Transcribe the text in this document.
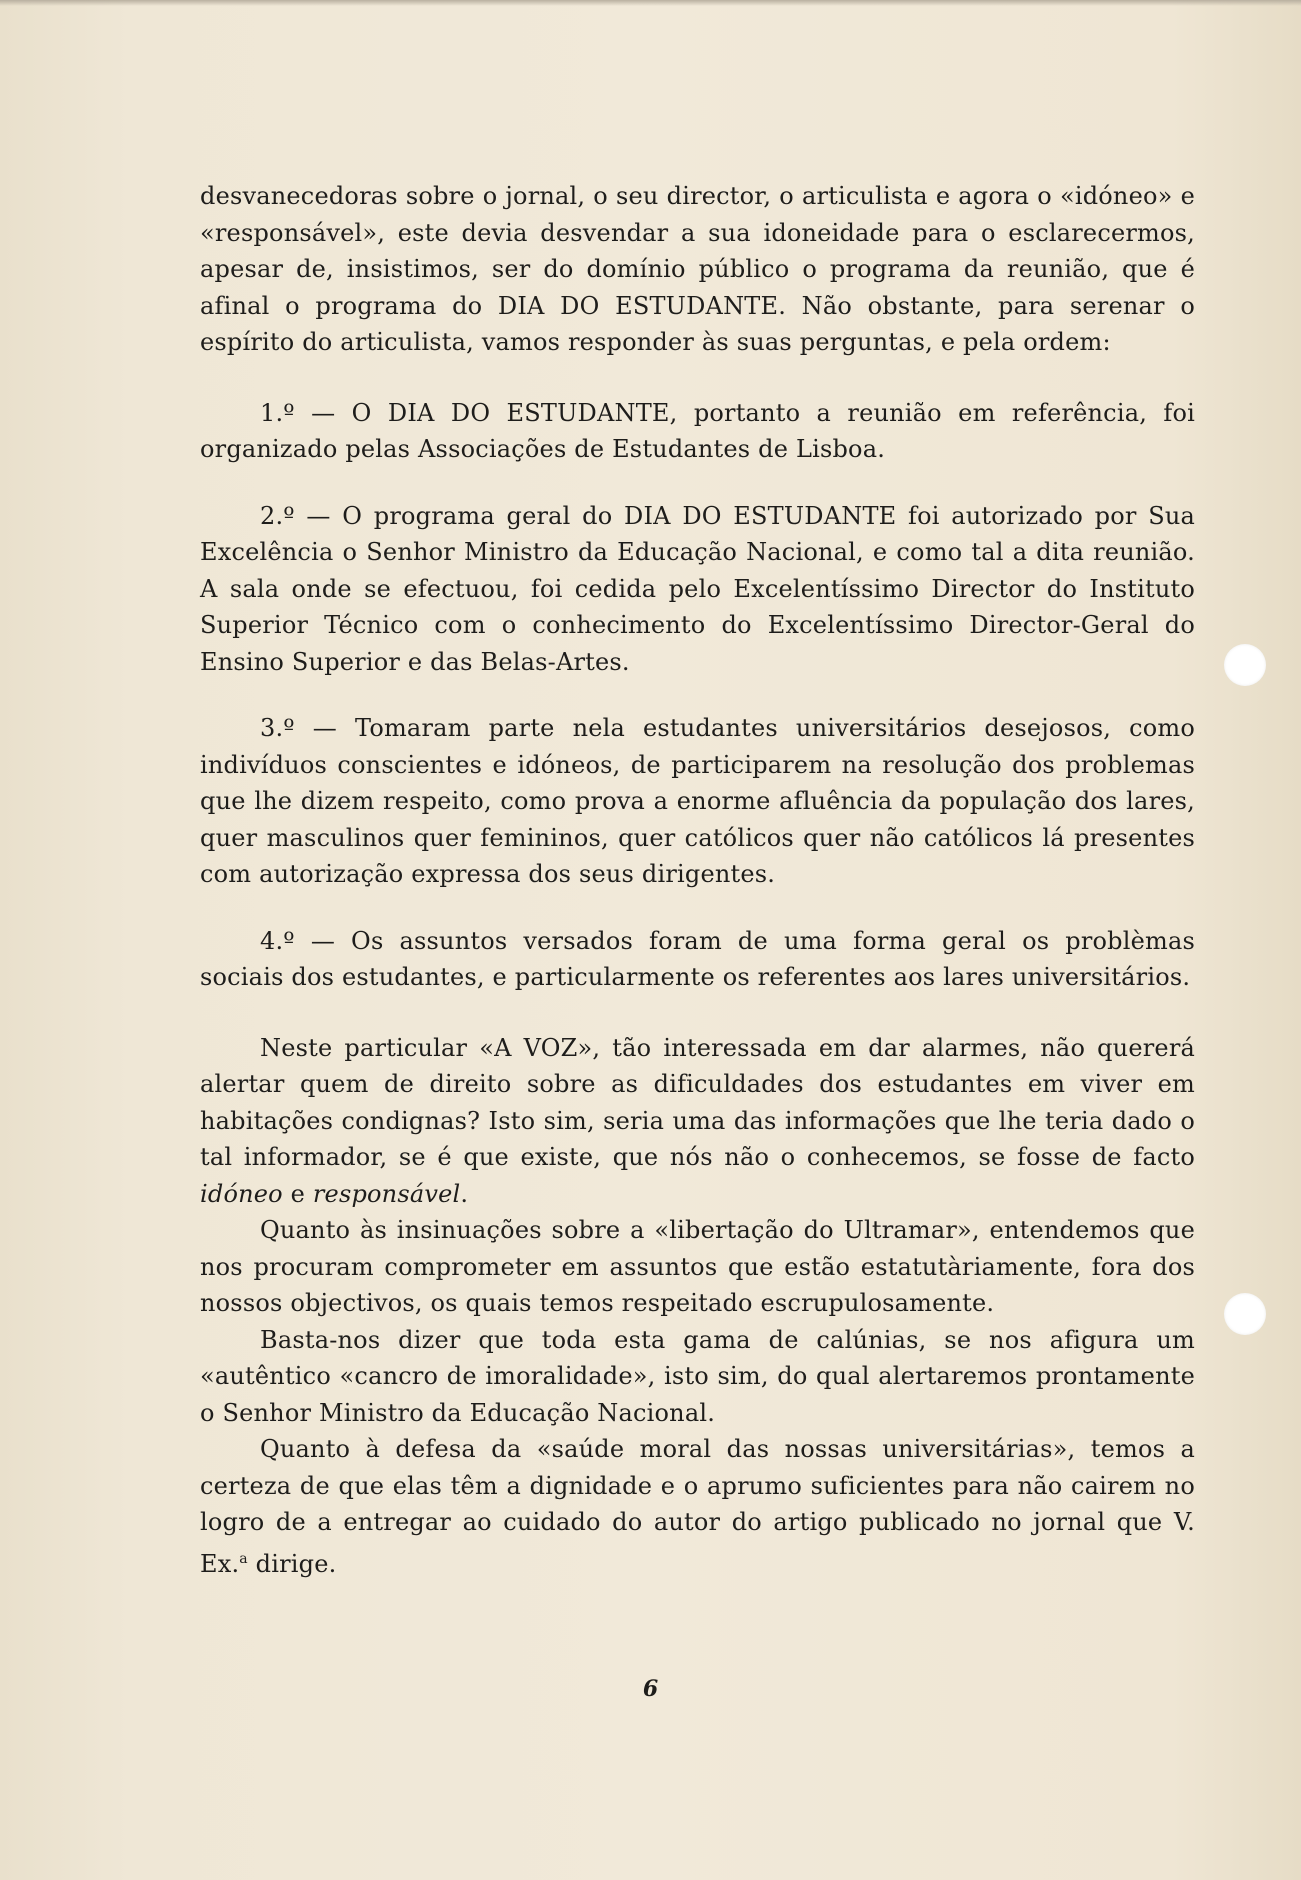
desvanecedoras sobre o jornal, o seu director, o articulista e agora o «idóneo» e «responsável», este devia desvendar a sua idoneidade para o esclarecermos, apesar de, insistimos, ser do domínio público o programa da reunião, que é afinal o programa do DIA DO ESTUDANTE. Não obstante, para serenar o espírito do articulista, vamos responder às suas perguntas, e pela ordem:

1.º — O DIA DO ESTUDANTE, portanto a reunião em referência, foi organizado pelas Associações de Estudantes de Lisboa.

2.º — O programa geral do DIA DO ESTUDANTE foi autorizado por Sua Excelência o Senhor Ministro da Educação Nacional, e como tal a dita reunião. A sala onde se efectuou, foi cedida pelo Excelentíssimo Director do Instituto Superior Técnico com o conhecimento do Excelentíssimo Director-Geral do Ensino Superior e das Belas-Artes.

3.º — Tomaram parte nela estudantes universitários desejosos, como indivíduos conscientes e idóneos, de participarem na resolução dos problemas que lhe dizem respeito, como prova a enorme afluência da população dos lares, quer masculinos quer femininos, quer católicos quer não católicos lá presentes com autorização expressa dos seus dirigentes.

4.º — Os assuntos versados foram de uma forma geral os problèmas sociais dos estudantes, e particularmente os referentes aos lares universitários.

Neste particular «A VOZ», tão interessada em dar alarmes, não quererá alertar quem de direito sobre as dificuldades dos estudantes em viver em habitações condignas? Isto sim, seria uma das informações que lhe teria dado o tal informador, se é que existe, que nós não o conhecemos, se fosse de facto idóneo e responsável.

Quanto às insinuações sobre a «libertação do Ultramar», entendemos que nos procuram comprometer em assuntos que estão estatutàriamente, fora dos nossos objectivos, os quais temos respeitado escrupulosamente.

Basta-nos dizer que toda esta gama de calúnias, se nos afigura um «autêntico «cancro de imoralidade», isto sim, do qual alertaremos prontamente o Senhor Ministro da Educação Nacional.

Quanto à defesa da «saúde moral das nossas universitárias», temos a certeza de que elas têm a dignidade e o aprumo suficientes para não cairem no logro de a entregar ao cuidado do autor do artigo publicado no jornal que V. Ex.$^a$ dirige.

6
